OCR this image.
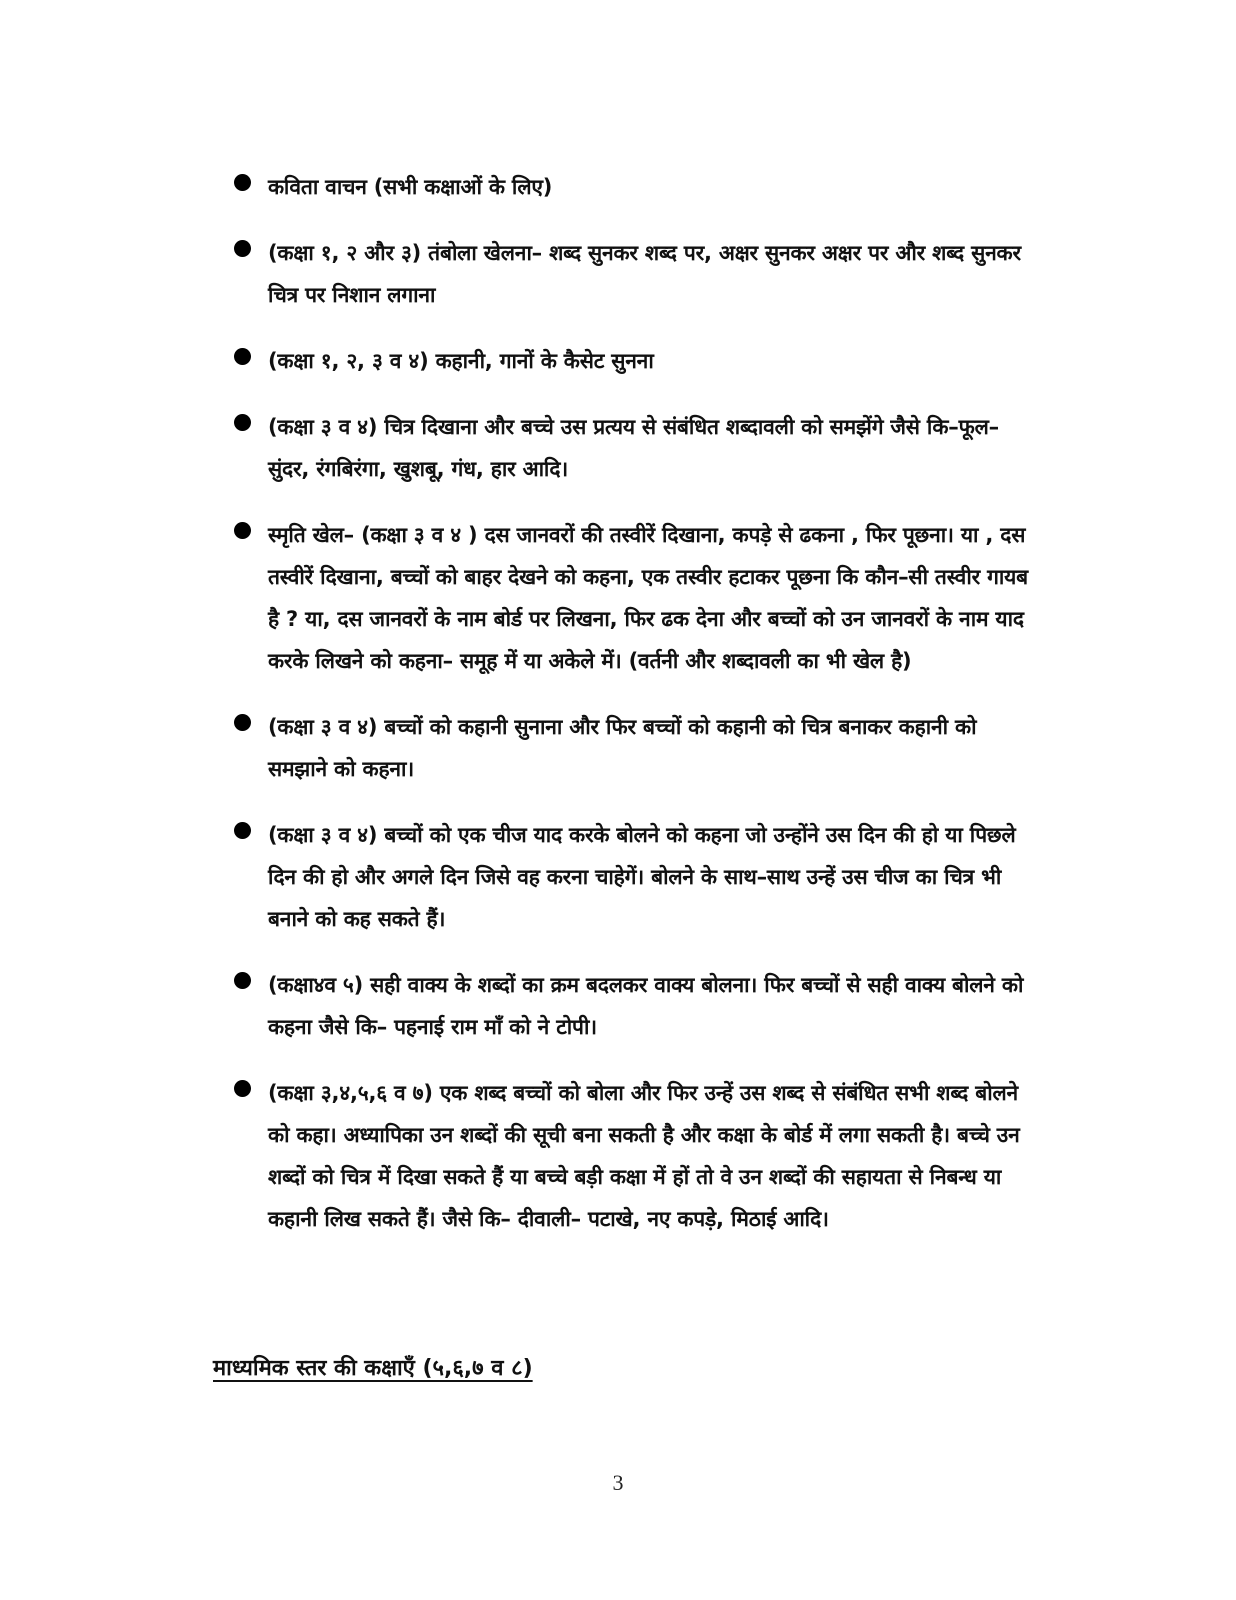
कविता वाचन (सभी कक्षाओं के लिए)
(कक्षा १, २ और ३) तंबोला खेलना– शब्द सुनकर शब्द पर, अक्षर सुनकर अक्षर पर और शब्द सुनकर चित्र पर निशान लगाना
(कक्षा १, २, ३ व ४) कहानी, गानों के कैसेट सुनना
(कक्षा ३ व ४) चित्र दिखाना और बच्चे उस प्रत्यय से संबंधित शब्दावली को समझेंगे जैसे कि–फूल– सुंदर, रंगबिरंगा, खुशबू, गंध, हार आदि।
स्मृति खेल– (कक्षा ३ व ४ ) दस जानवरों की तस्वीरें दिखाना, कपड़े से ढकना , फिर पूछना। या , दस तस्वीरें दिखाना, बच्चों को बाहर देखने को कहना, एक तस्वीर हटाकर पूछना कि कौन–सी तस्वीर गायब है ? या, दस जानवरों के नाम बोर्ड पर लिखना, फिर ढक देना और बच्चों को उन जानवरों के नाम याद करके लिखने को कहना– समूह में या अकेले में। (वर्तनी और शब्दावली का भी खेल है)
(कक्षा ३ व ४) बच्चों को कहानी सुनाना और फिर बच्चों को कहानी को चित्र बनाकर कहानी को समझाने को कहना।
(कक्षा ३ व ४) बच्चों को एक चीज याद करके बोलने को कहना जो उन्होंने उस दिन की हो या पिछले दिन की हो और अगले दिन जिसे वह करना चाहेगें। बोलने के साथ–साथ उन्हें उस चीज का चित्र भी बनाने को कह सकते हैं।
(कक्षा४व ५) सही वाक्य के शब्दों का क्रम बदलकर वाक्य बोलना। फिर बच्चों से सही वाक्य बोलने को कहना जैसे कि– पहनाई राम माँ को ने टोपी।
(कक्षा ३,४,५,६ व ७) एक शब्द बच्चों को बोला और फिर उन्हें उस शब्द से संबंधित सभी शब्द बोलने को कहा। अध्यापिका उन शब्दों की सूची बना सकती है और कक्षा के बोर्ड में लगा सकती है। बच्चे उन शब्दों को चित्र में दिखा सकते हैं या बच्चे बड़ी कक्षा में हों तो वे उन शब्दों की सहायता से निबन्ध या कहानी लिख सकते हैं। जैसे कि– दीवाली– पटाखे, नए कपड़े, मिठाई आदि।
माध्यमिक स्तर की कक्षाएँ (५,६,७ व ८)
3
